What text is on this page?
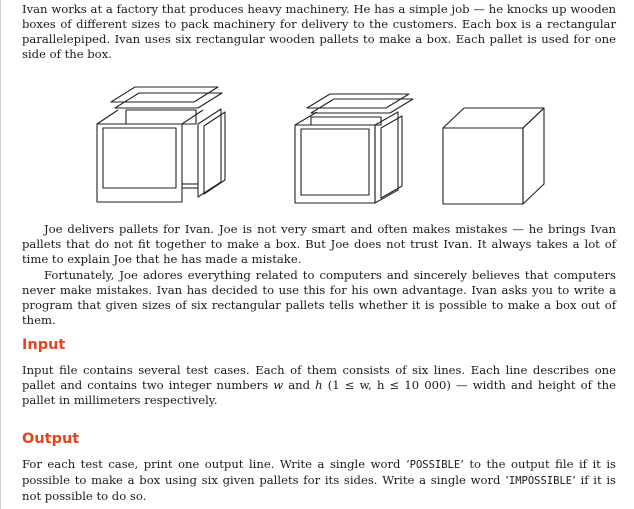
Ivan works at a factory that produces heavy machinery. He has a simple job — he knocks up wooden boxes of different sizes to pack machinery for delivery to the customers. Each box is a rectangular parallelepiped. Ivan uses six rectangular wooden pallets to make a box. Each pallet is used for one side of the box.

Joe delivers pallets for Ivan. Joe is not very smart and often makes mistakes — he brings Ivan pallets that do not fit together to make a box. But Joe does not trust Ivan. It always takes a lot of time to explain Joe that he has made a mistake.

Fortunately, Joe adores everything related to computers and sincerely believes that computers never make mistakes. Ivan has decided to use this for his own advantage. Ivan asks you to write a program that given sizes of six rectangular pallets tells whether it is possible to make a box out of them.

Input

Input file contains several test cases. Each of them consists of six lines. Each line describes one pallet and contains two integer numbers w and h (1 ≤ w, h ≤ 10 000) — width and height of the pallet in millimeters respectively.

Output

For each test case, print one output line. Write a single word ‘POSSIBLE’ to the output file if it is possible to make a box using six given pallets for its sides. Write a single word ‘IMPOSSIBLE’ if it is not possible to do so.
